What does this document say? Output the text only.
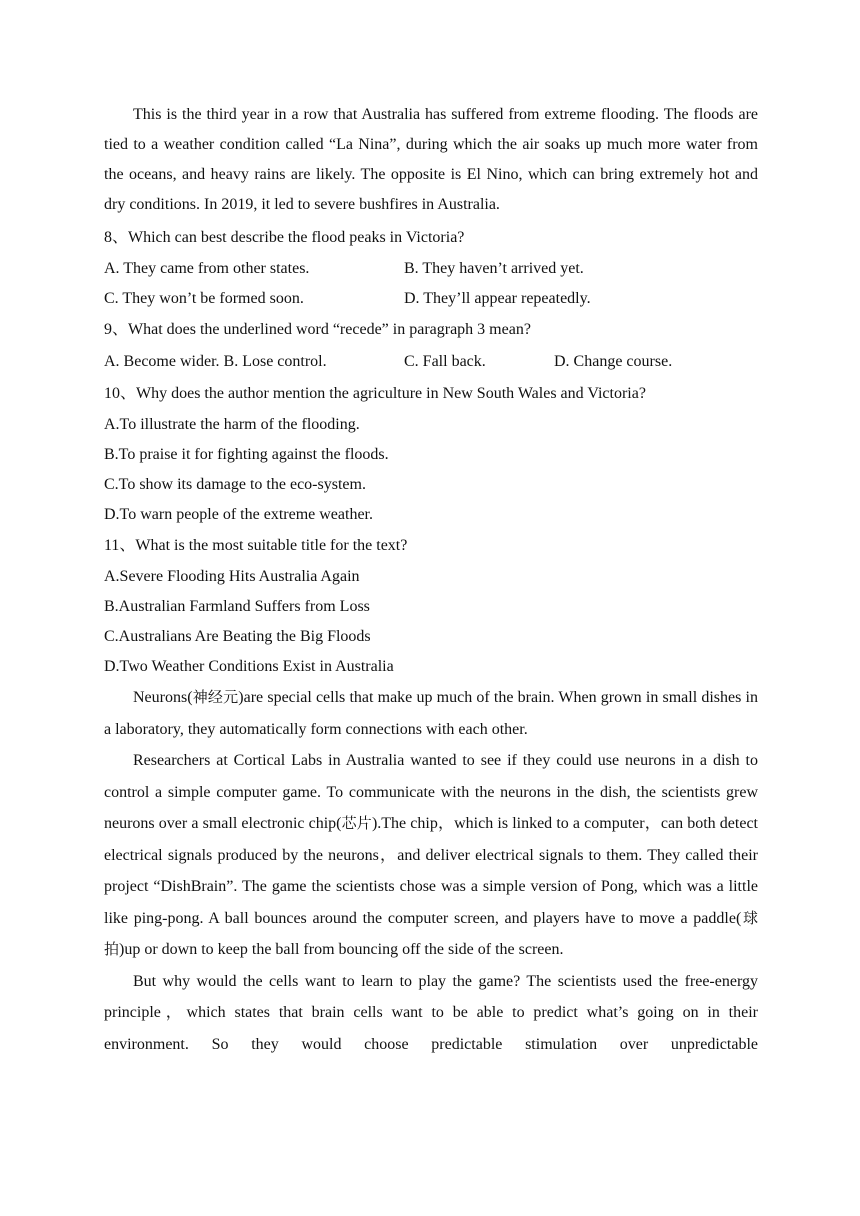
This is the third year in a row that Australia has suffered from extreme flooding. The floods are tied to a weather condition called “La Nina”, during which the air soaks up much more water from the oceans, and heavy rains are likely. The opposite is El Nino, which can bring extremely hot and dry conditions. In 2019, it led to severe bushfires in Australia.

8、Which can best describe the flood peaks in Victoria?

A. They came from other states.	B. They haven’t arrived yet.
C. They won’t be formed soon.	D. They’ll appear repeatedly.

9、What does the underlined word “recede” in paragraph 3 mean?

A. Become wider. B. Lose control.	C. Fall back.	D. Change course.

10、Why does the author mention the agriculture in New South Wales and Victoria?

A.To illustrate the harm of the flooding.

B.To praise it for fighting against the floods.

C.To show its damage to the eco-system.

D.To warn people of the extreme weather.

11、What is the most suitable title for the text?

A.Severe Flooding Hits Australia Again

B.Australian Farmland Suffers from Loss

C.Australians Are Beating the Big Floods

D.Two Weather Conditions Exist in Australia

Neurons(神经元)are special cells that make up much of the brain. When grown in small dishes in a laboratory, they automatically form connections with each other.

Researchers at Cortical Labs in Australia wanted to see if they could use neurons in a dish to control a simple computer game. To communicate with the neurons in the dish, the scientists grew neurons over a small electronic chip(芯片).The chip，which is linked to a computer，can both detect electrical signals produced by the neurons，and deliver electrical signals to them. They called their project “DishBrain”. The game the scientists chose was a simple version of Pong, which was a little like ping-pong. A ball bounces around the computer screen, and players have to move a paddle(球拍)up or down to keep the ball from bouncing off the side of the screen.

But why would the cells want to learn to play the game? The scientists used the free-energy principle，which states that brain cells want to be able to predict what’s going on in their environment. So they would choose predictable stimulation over unpredictable
